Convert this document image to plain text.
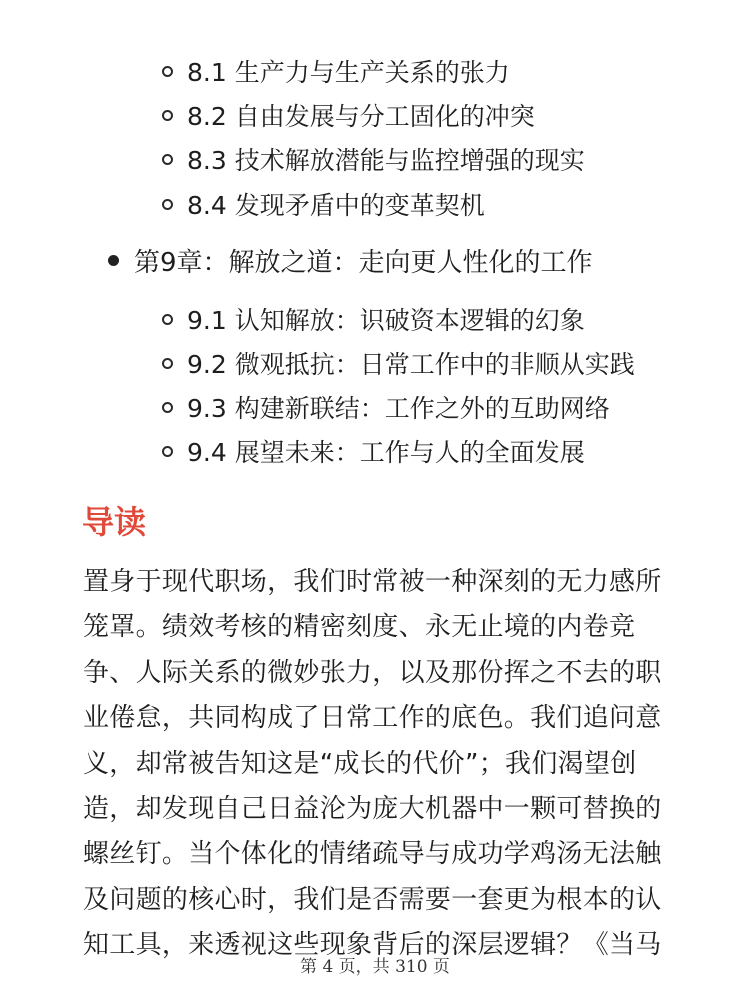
8.1 生产力与生产关系的张力
8.2 自由发展与分工固化的冲突
8.3 技术解放潜能与监控增强的现实
8.4 发现矛盾中的变革契机
第9章：解放之道：走向更人性化的工作
9.1 认知解放：识破资本逻辑的幻象
9.2 微观抵抗：日常工作中的非顺从实践
9.3 构建新联结：工作之外的互助网络
9.4 展望未来：工作与人的全面发展
导读

置身于现代职场，我们时常被一种深刻的无力感所笼罩。绩效考核的精密刻度、永无止境的内卷竞争、人际关系的微妙张力，以及那份挥之不去的职业倦怠，共同构成了日常工作的底色。我们追问意义，却常被告知这是“成长的代价”；我们渴望创造，却发现自己日益沦为庞大机器中一颗可替换的螺丝钉。当个体化的情绪疏导与成功学鸡汤无法触及问题的核心时，我们是否需要一套更为根本的认知工具，来透视这些现象背后的深层逻辑？《当马

第 4 页，共 310 页
